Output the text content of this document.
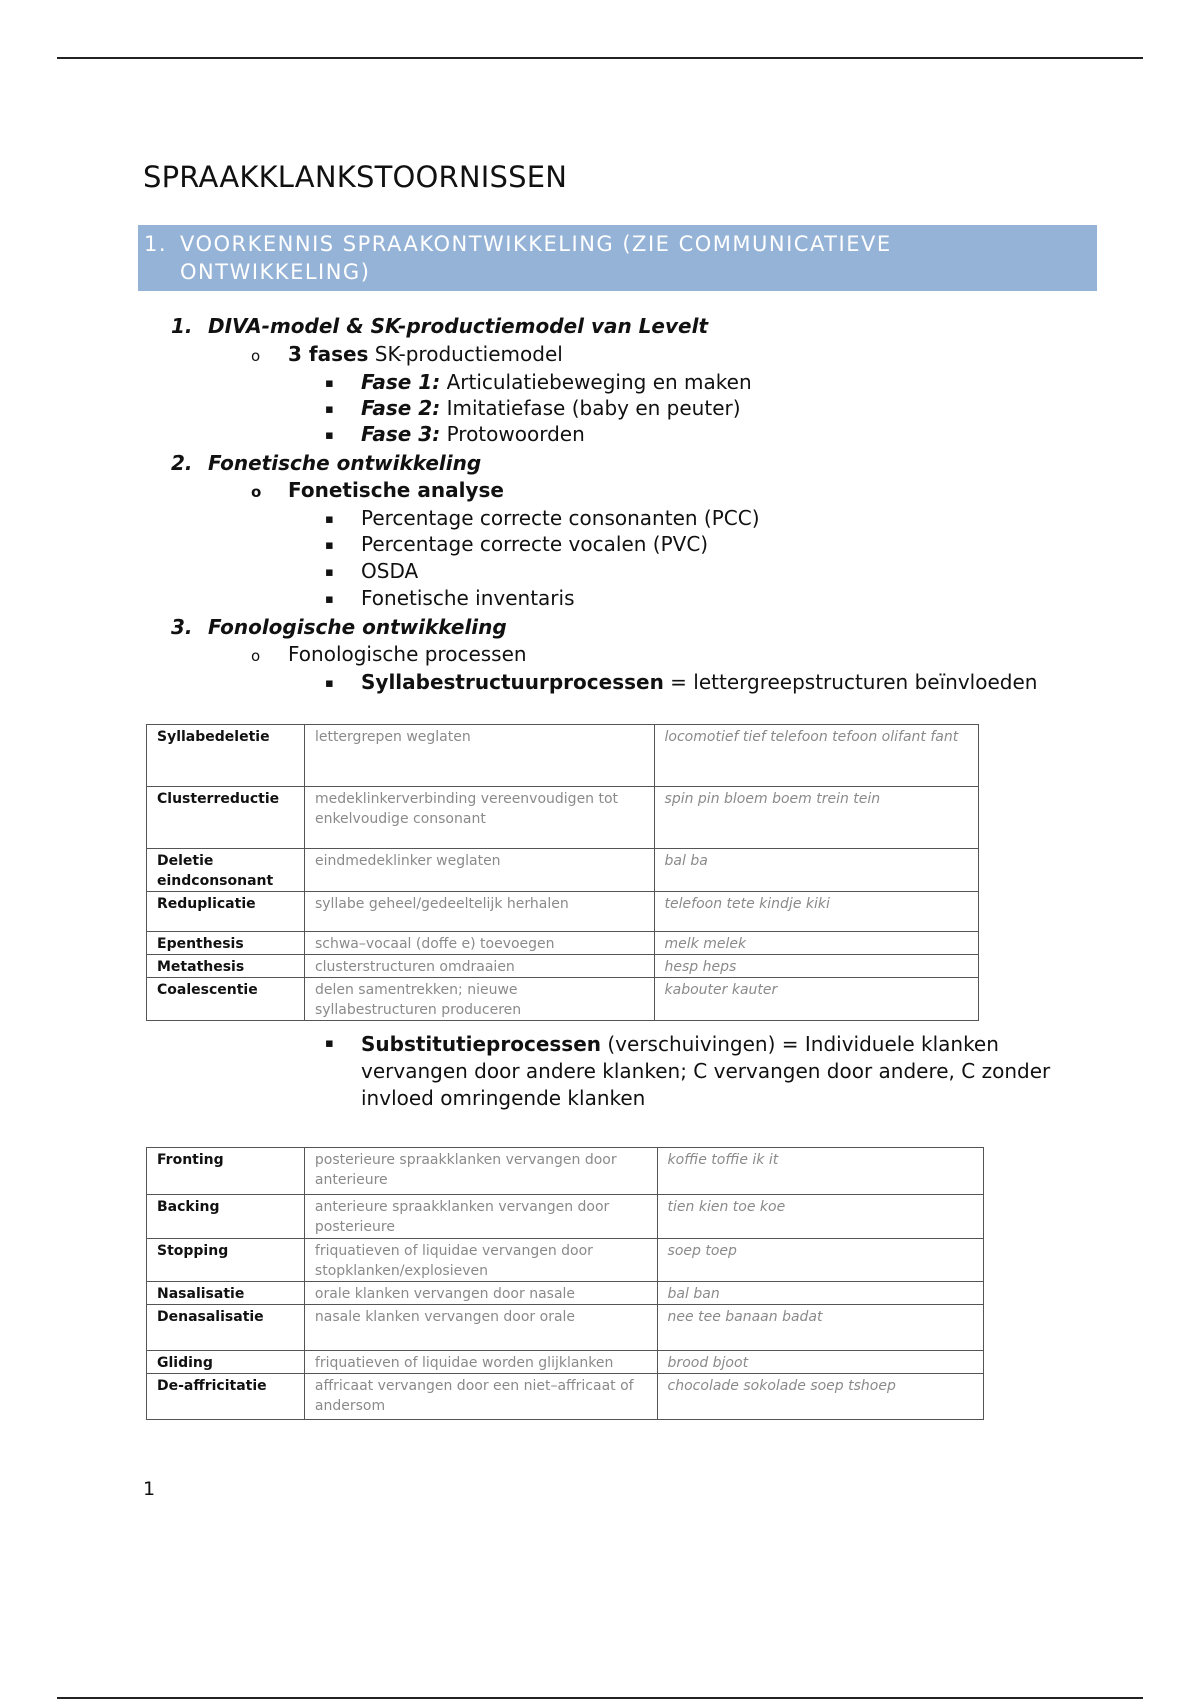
SPRAAKKLANKSTOORNISSEN
1. VOORKENNIS SPRAAKONTWIKKELING (ZIE COMMUNICATIEVE ONTWIKKELING)
1. DIVA-model & SK-productiemodel van Levelt
o 3 fases SK-productiemodel
▪ Fase 1: Articulatiebeweging en maken
▪ Fase 2: Imitatiefase (baby en peuter)
▪ Fase 3: Protowoorden
2. Fonetische ontwikkeling
o Fonetische analyse
▪ Percentage correcte consonanten (PCC)
▪ Percentage correcte vocalen (PVC)
▪ OSDA
▪ Fonetische inventaris
3. Fonologische ontwikkeling
o Fonologische processen
▪ Syllabestructuurprocessen = lettergreepstructuren beïnvloeden
Syllabedeletie	lettergrepen weglaten	locomotief tief telefoon tefoon olifant fant
Clusterreductie	medeklinkerverbinding vereenvoudigen tot enkelvoudige consonant	spin pin bloem boem trein tein
Deletie eindconsonant	eindmedeklinker weglaten	bal ba
Reduplicatie	syllabe geheel/gedeeltelijk herhalen	telefoon tete kindje kiki
Epenthesis	schwa–vocaal (doffe e) toevoegen	melk melek
Metathesis	clusterstructuren omdraaien	hesp heps
Coalescentie	delen samentrekken; nieuwe syllabestructuren produceren	kabouter kauter
▪ Substitutieprocessen (verschuivingen) = Individuele klanken vervangen door andere klanken; C vervangen door andere, C zonder invloed omringende klanken
Fronting	posterieure spraakklanken vervangen door anterieure	koffie toffie ik it
Backing	anterieure spraakklanken vervangen door posterieure	tien kien toe koe
Stopping	friquatieven of liquidae vervangen door stopklanken/explosieven	soep toep
Nasalisatie	orale klanken vervangen door nasale	bal ban
Denasalisatie	nasale klanken vervangen door orale	nee tee banaan badat
Gliding	friquatieven of liquidae worden glijklanken	brood bjoot
De-affricitatie	affricaat vervangen door een niet–affricaat of andersom	chocolade sokolade soep tshoep
1
